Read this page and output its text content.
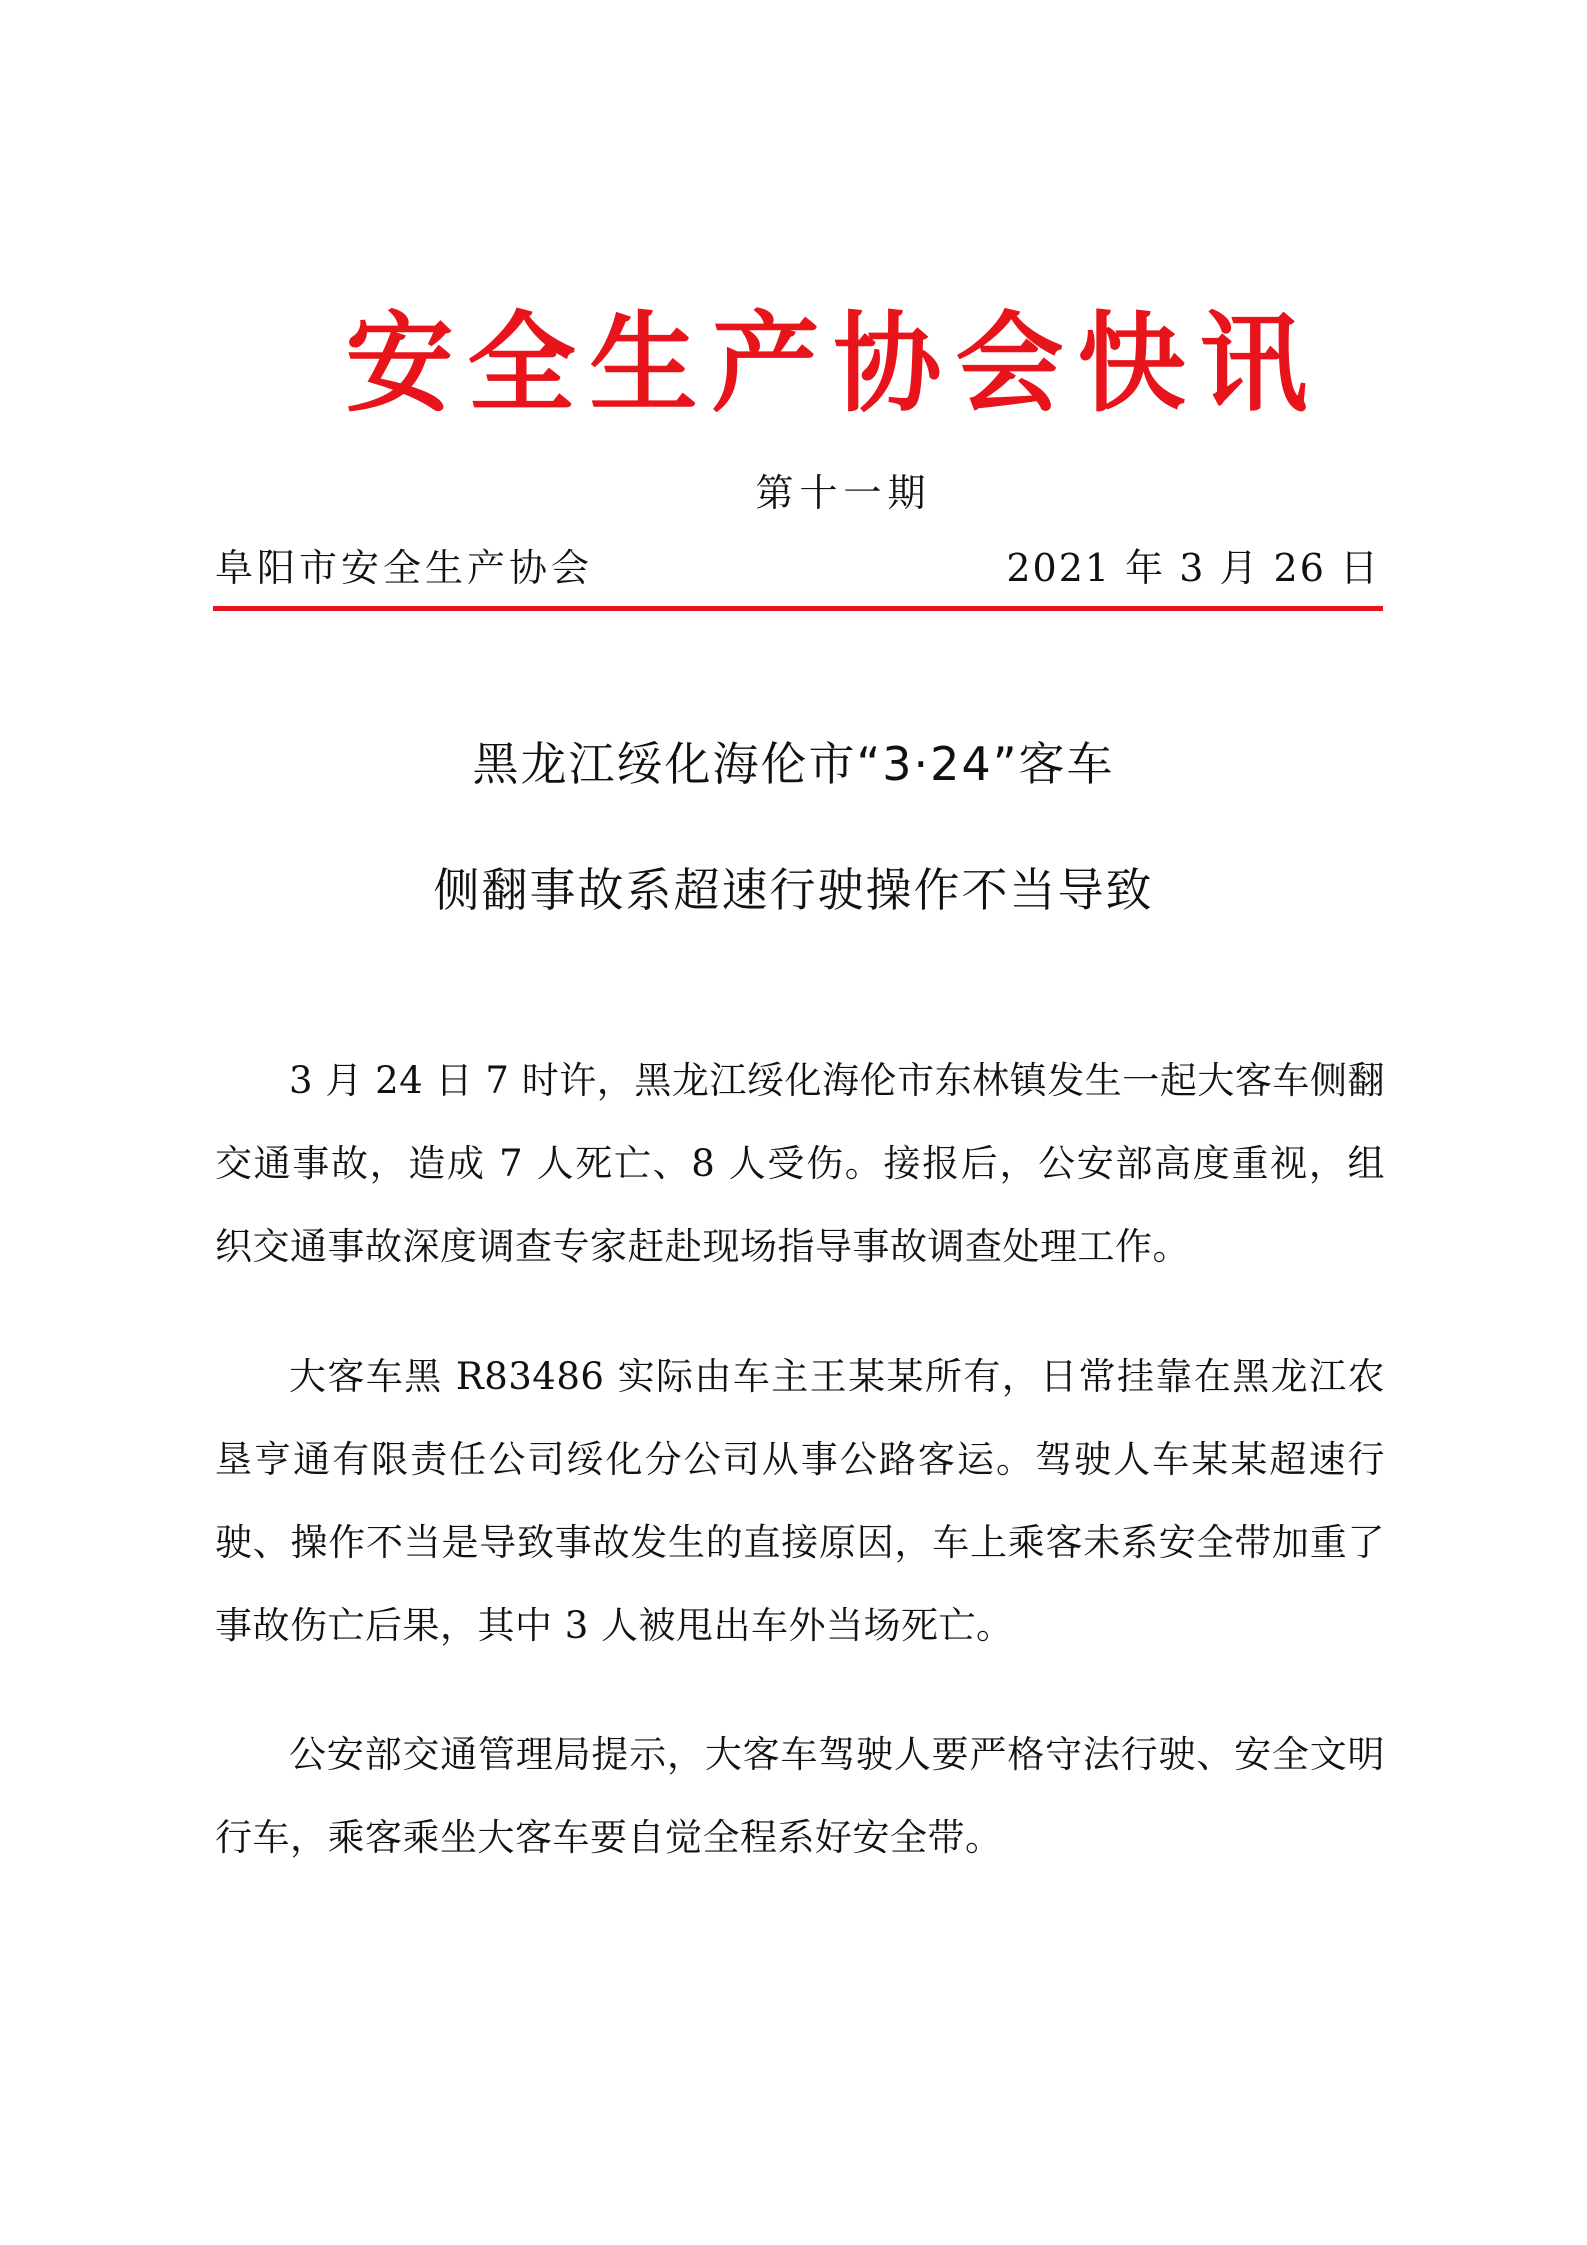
安全生产协会快讯
第十一期
阜阳市安全生产协会	2021 年 3 月 26 日
黑龙江绥化海伦市“3·24”客车
侧翻事故系超速行驶操作不当导致

3 月 24 日 7 时许，黑龙江绥化海伦市东林镇发生一起大客车侧翻交通事故，造成 7 人死亡、8 人受伤。接报后，公安部高度重视，组织交通事故深度调查专家赶赴现场指导事故调查处理工作。

大客车黑 R83486 实际由车主王某某所有，日常挂靠在黑龙江农垦亨通有限责任公司绥化分公司从事公路客运。驾驶人车某某超速行驶、操作不当是导致事故发生的直接原因，车上乘客未系安全带加重了事故伤亡后果，其中 3 人被甩出车外当场死亡。

公安部交通管理局提示，大客车驾驶人要严格守法行驶、安全文明行车，乘客乘坐大客车要自觉全程系好安全带。
